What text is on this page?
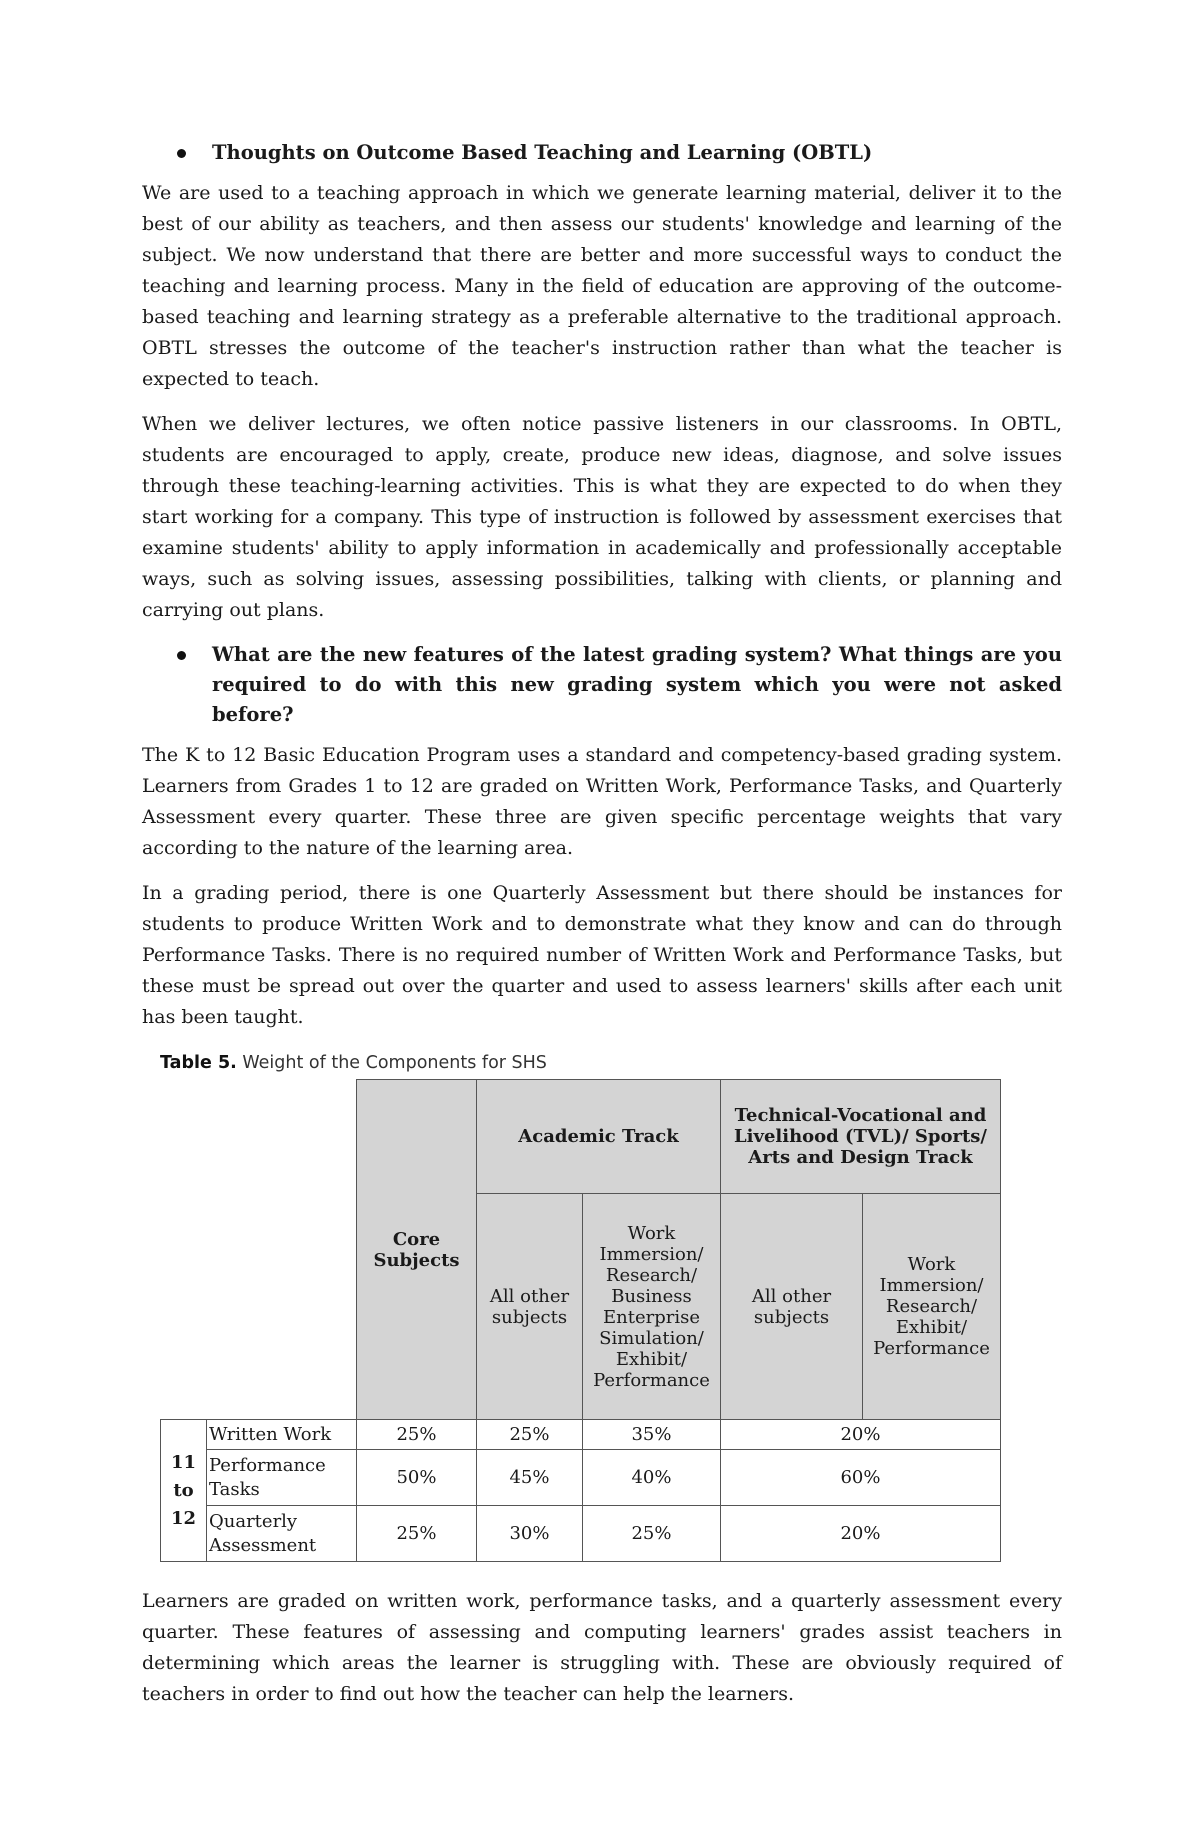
Thoughts on Outcome Based Teaching and Learning (OBTL)

We are used to a teaching approach in which we generate learning material, deliver it to the best of our ability as teachers, and then assess our students' knowledge and learning of the subject. We now understand that there are better and more successful ways to conduct the teaching and learning process. Many in the field of education are approving of the outcome-based teaching and learning strategy as a preferable alternative to the traditional approach. OBTL stresses the outcome of the teacher's instruction rather than what the teacher is expected to teach.

When we deliver lectures, we often notice passive listeners in our classrooms. In OBTL, students are encouraged to apply, create, produce new ideas, diagnose, and solve issues through these teaching-learning activities. This is what they are expected to do when they start working for a company. This type of instruction is followed by assessment exercises that examine students' ability to apply information in academically and professionally acceptable ways, such as solving issues, assessing possibilities, talking with clients, or planning and carrying out plans.

What are the new features of the latest grading system? What things are you required to do with this new grading system which you were not asked before?

The K to 12 Basic Education Program uses a standard and competency-based grading system. Learners from Grades 1 to 12 are graded on Written Work, Performance Tasks, and Quarterly Assessment every quarter. These three are given specific percentage weights that vary according to the nature of the learning area.

In a grading period, there is one Quarterly Assessment but there should be instances for students to produce Written Work and to demonstrate what they know and can do through Performance Tasks. There is no required number of Written Work and Performance Tasks, but these must be spread out over the quarter and used to assess learners' skills after each unit has been taught.

Table 5. Weight of the Components for SHS
		Core Subjects	Academic Track		Technical-Vocational and Livelihood (TVL)/ Sports/ Arts and Design Track	
			All other subjects	Work Immersion/ Research/ Business Enterprise Simulation/ Exhibit/ Performance	All other subjects	Work Immersion/ Research/ Exhibit/ Performance

11
to
12	Written Work	25%	25%	35%	20%	
	Performance Tasks	50%	45%	40%	60%	
	Quarterly Assessment	25%	30%	25%	20%	

Learners are graded on written work, performance tasks, and a quarterly assessment every quarter. These features of assessing and computing learners' grades assist teachers in determining which areas the learner is struggling with. These are obviously required of teachers in order to find out how the teacher can help the learners.
